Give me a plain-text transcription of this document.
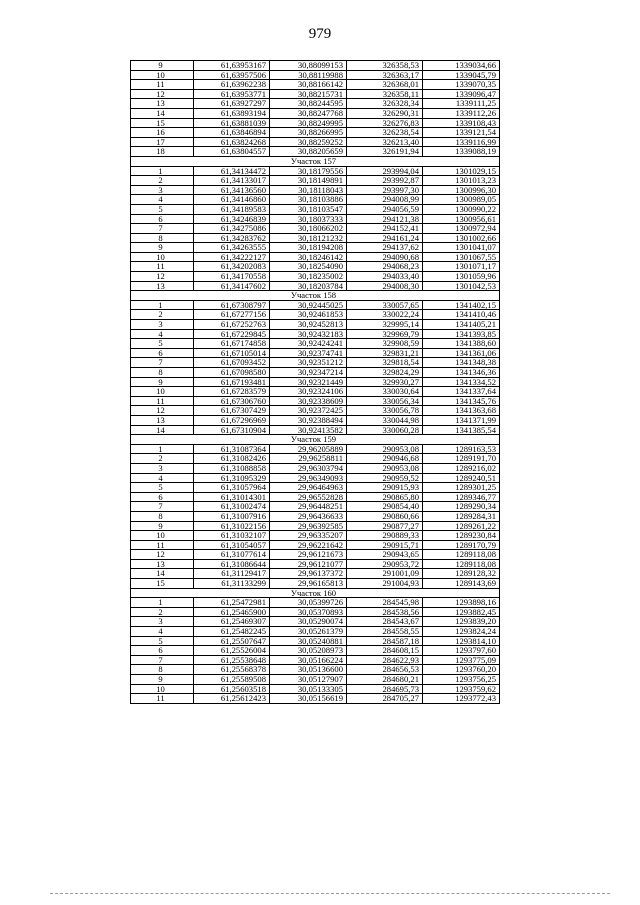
979
9	61,63953167	30,88099153	326358,53	1339034,66
10	61,63957506	30,88119988	326363,17	1339045,79
11	61,63962238	30,88166142	326368,01	1339070,35
12	61,63953771	30,88215731	326358,11	1339096,47
13	61,63927297	30,88244595	326328,34	1339111,25
14	61,63893194	30,88247768	326290,31	1339112,26
15	61,63881039	30,88249995	326276,83	1339108,43
16	61,63846894	30,88266995	326238,54	1339121,54
17	61,63824268	30,88259252	326213,40	1339116,99
18	61,63804557	30,88205659	326191,94	1339088,19
Участок 157				
1	61,34134472	30,18179556	293994,04	1301029,15
2	61,34133017	30,18149891	293992,87	1301013,23
3	61,34136560	30,18118043	293997,30	1300996,30
4	61,34146860	30,18103886	294008,99	1300989,05
5	61,34189583	30,18103547	294056,59	1300990,22
6	61,34246839	30,18037333	294121,38	1300956,61
7	61,34275086	30,18066202	294152,41	1300972,94
8	61,34283762	30,18121232	294161,24	1301002,66
9	61,34263555	30,18194208	294137,62	1301041,07
10	61,34222127	30,18246142	294090,68	1301067,55
11	61,34202083	30,18254090	294068,23	1301071,17
12	61,34170558	30,18235002	294033,40	1301059,96
13	61,34147602	30,18203784	294008,30	1301042,53
Участок 158				
1	61,67308797	30,92445025	330057,65	1341402,15
2	61,67277156	30,92461853	330022,24	1341410,46
3	61,67252763	30,92452813	329995,14	1341405,21
4	61,67229845	30,92432183	329969,79	1341393,85
5	61,67174858	30,92424241	329908,59	1341388,60
6	61,67105014	30,92374741	329831,21	1341361,06
7	61,67093452	30,92351212	329818,54	1341348,38
8	61,67098580	30,92347214	329824,29	1341346,36
9	61,67193481	30,92321449	329930,27	1341334,52
10	61,67283579	30,92324106	330030,64	1341337,64
11	61,67306760	30,92338609	330056,34	1341345,76
12	61,67307429	30,92372425	330056,78	1341363,68
13	61,67296969	30,92388494	330044,98	1341371,99
14	61,67310904	30,92413582	330060,28	1341385,54
Участок 159				
1	61,31087364	29,96205889	290953,08	1289163,53
2	61,31082426	29,96258811	290946,68	1289191,70
3	61,31088858	29,96303794	290953,08	1289216,02
4	61,31095329	29,96349093	290959,52	1289240,51
5	61,31057964	29,96464963	290915,93	1289301,25
6	61,31014301	29,96552828	290865,80	1289346,77
7	61,31002474	29,96448251	290854,40	1289290,34
8	61,31007916	29,96436633	290860,66	1289284,31
9	61,31022156	29,96392585	290877,27	1289261,22
10	61,31032107	29,96335207	290889,33	1289230,84
11	61,31054057	29,96221642	290915,71	1289170,79
12	61,31077614	29,96121673	290943,65	1289118,08
13	61,31086644	29,96121077	290953,72	1289118,08
14	61,31129417	29,96137372	291001,09	1289128,32
15	61,31133299	29,96165813	291004,93	1289143,69
Участок 160				
1	61,25472981	30,05399726	284545,98	1293898,16
2	61,25465900	30,05370893	284538,56	1293882,45
3	61,25469307	30,05290074	284543,67	1293839,20
4	61,25482245	30,05261379	284558,55	1293824,24
5	61,25507647	30,05240881	284587,18	1293814,10
6	61,25526004	30,05208973	284608,15	1293797,60
7	61,25538648	30,05166224	284622,93	1293775,09
8	61,25568378	30,05136600	284656,53	1293760,20
9	61,25589508	30,05127907	284680,21	1293756,25
10	61,25603518	30,05133305	284695,73	1293759,62
11	61,25612423	30,05156619	284705,27	1293772,43
